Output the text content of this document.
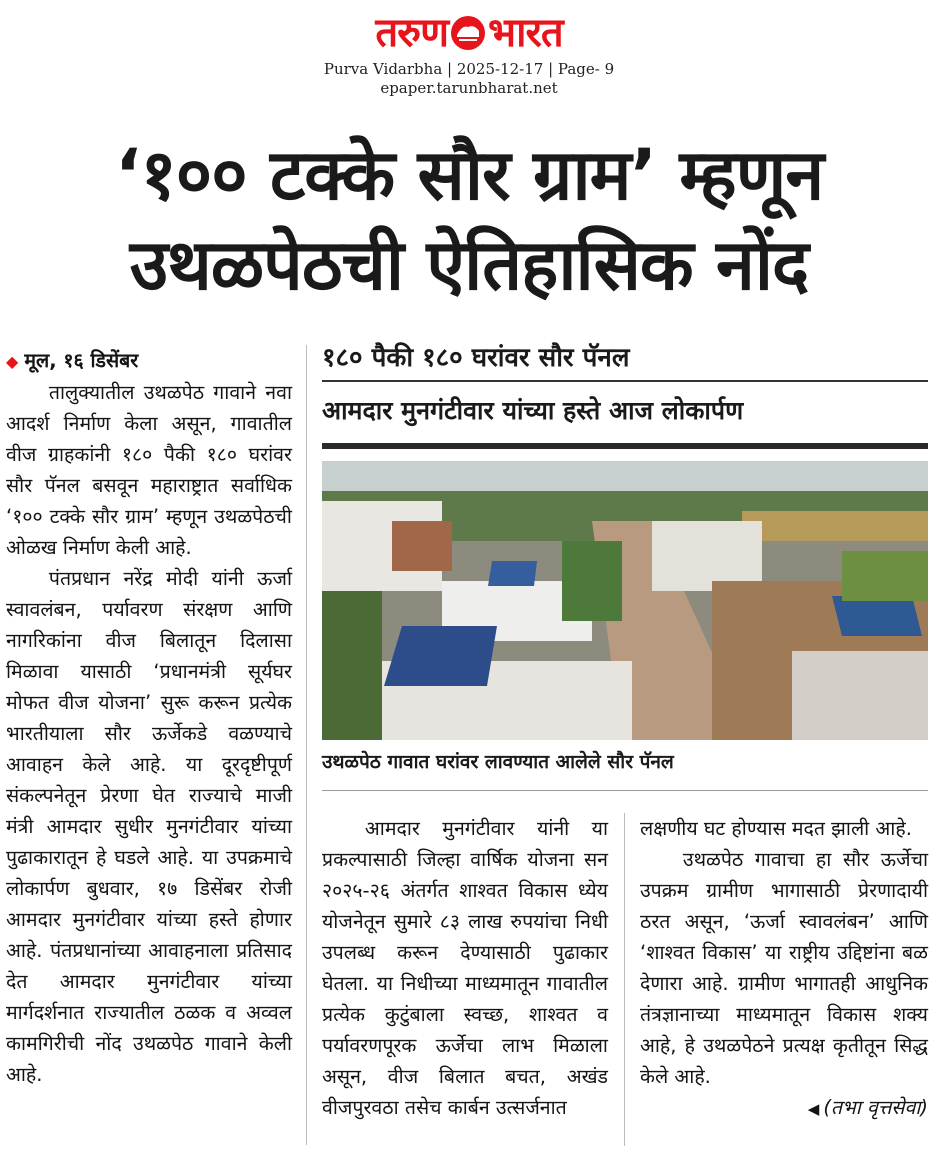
तरुण भारत
Purva Vidarbha | 2025-12-17 | Page- 9
epaper.tarunbharat.net
‘१०० टक्के सौर ग्राम’ म्हणून
उथळपेठची ऐतिहासिक नोंद

◆ मूल, १६ डिसेंबर

तालुक्यातील उथळपेठ गावाने नवा आदर्श निर्माण केला असून, गावातील वीज ग्राहकांनी १८० पैकी १८० घरांवर सौर पॅनल बसवून महाराष्ट्रात सर्वाधिक ‘१०० टक्के सौर ग्राम’ म्हणून उथळपेठची ओळख निर्माण केली आहे.

पंतप्रधान नरेंद्र मोदी यांनी ऊर्जा स्वावलंबन, पर्यावरण संरक्षण आणि नागरिकांना वीज बिलातून दिलासा मिळावा यासाठी ‘प्रधानमंत्री सूर्यघर मोफत वीज योजना’ सुरू करून प्रत्येक भारतीयाला सौर ऊर्जेकडे वळण्याचे आवाहन केले आहे. या दूरदृष्टीपूर्ण संकल्पनेतून प्रेरणा घेत राज्याचे माजी मंत्री आमदार सुधीर मुनगंटीवार यांच्या पुढाकारातून हे घडले आहे. या उपक्रमाचे लोकार्पण बुधवार, १७ डिसेंबर रोजी आमदार मुनगंटीवार यांच्या हस्ते होणार आहे. पंतप्रधानांच्या आवाहनाला प्रतिसाद देत आमदार मुनगंटीवार यांच्या मार्गदर्शनात राज्यातील ठळक व अव्वल कामगिरीची नोंद उथळपेठ गावाने केली आहे.

१८० पैकी १८० घरांवर सौर पॅनल
आमदार मुनगंटीवार यांच्या हस्ते आज लोकार्पण
उथळपेठ गावात घरांवर लावण्यात आलेले सौर पॅनल

आमदार मुनगंटीवार यांनी या प्रकल्पासाठी जिल्हा वार्षिक योजना सन २०२५-२६ अंतर्गत शाश्वत विकास ध्येय योजनेतून सुमारे ८३ लाख रुपयांचा निधी उपलब्ध करून देण्यासाठी पुढाकार घेतला. या निधीच्या माध्यमातून गावातील प्रत्येक कुटुंबाला स्वच्छ, शाश्वत व पर्यावरणपूरक ऊर्जेचा लाभ मिळाला असून, वीज बिलात बचत, अखंड वीजपुरवठा तसेच कार्बन उत्सर्जनात

लक्षणीय घट होण्यास मदत झाली आहे.

उथळपेठ गावाचा हा सौर ऊर्जेचा उपक्रम ग्रामीण भागासाठी प्रेरणादायी ठरत असून, ‘ऊर्जा स्वावलंबन’ आणि ‘शाश्वत विकास’ या राष्ट्रीय उद्दिष्टांना बळ देणारा आहे. ग्रामीण भागातही आधुनिक तंत्रज्ञानाच्या माध्यमातून विकास शक्य आहे, हे उथळपेठने प्रत्यक्ष कृतीतून सिद्ध केले आहे.

◀ (तभा वृत्तसेवा)
